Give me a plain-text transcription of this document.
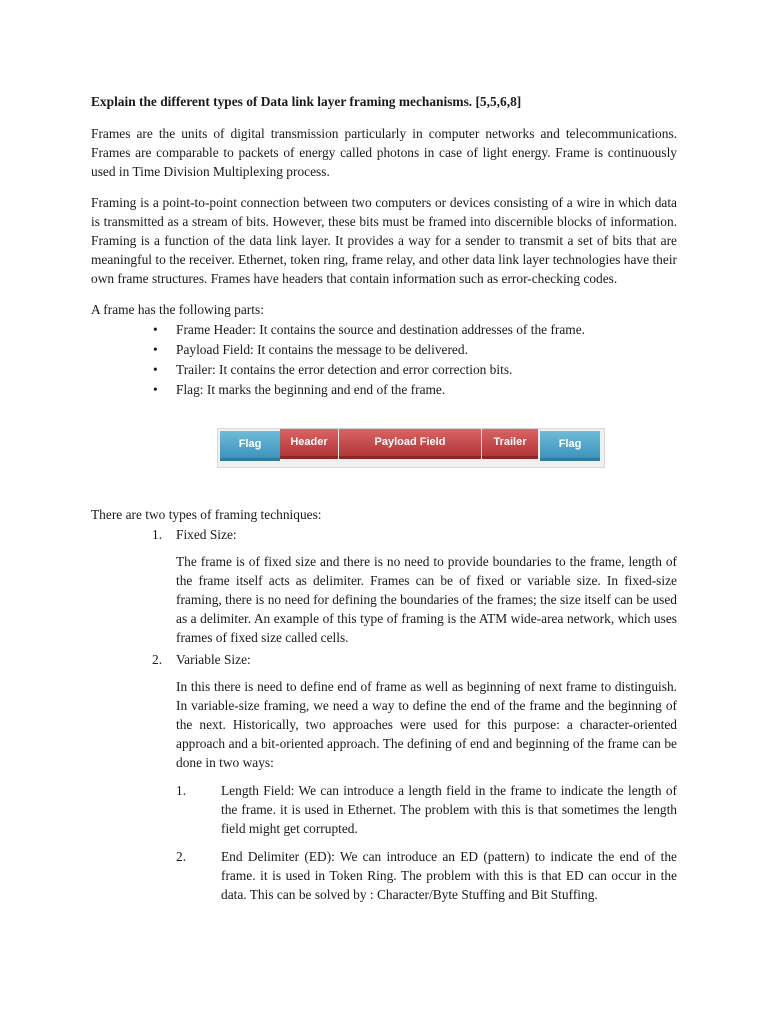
Explain the different types of Data link layer framing mechanisms. [5,5,6,8]

Frames are the units of digital transmission particularly in computer networks and telecommunications. Frames are comparable to packets of energy called photons in case of light energy. Frame is continuously used in Time Division Multiplexing process.

Framing is a point-to-point connection between two computers or devices consisting of a wire in which data is transmitted as a stream of bits. However, these bits must be framed into discernible blocks of information. Framing is a function of the data link layer. It provides a way for a sender to transmit a set of bits that are meaningful to the receiver. Ethernet, token ring, frame relay, and other data link layer technologies have their own frame structures. Frames have headers that contain information such as error-checking codes.

A frame has the following parts:

• Frame Header: It contains the source and destination addresses of the frame.
• Payload Field: It contains the message to be delivered.
• Trailer: It contains the error detection and error correction bits.
• Flag: It marks the beginning and end of the frame.
Flag	Header	Payload Field	Trailer	Flag

There are two types of framing techniques:

1. Fixed Size:
The frame is of fixed size and there is no need to provide boundaries to the frame, length of the frame itself acts as delimiter. Frames can be of fixed or variable size. In fixed-size framing, there is no need for defining the boundaries of the frames; the size itself can be used as a delimiter. An example of this type of framing is the ATM wide-area network, which uses frames of fixed size called cells.
2. Variable Size:
In this there is need to define end of frame as well as beginning of next frame to distinguish. In variable-size framing, we need a way to define the end of the frame and the beginning of the next. Historically, two approaches were used for this purpose: a character-oriented approach and a bit-oriented approach. The defining of end and beginning of the frame can be done in two ways:
1.	Length Field: We can introduce a length field in the frame to indicate the length of the frame. it is used in Ethernet. The problem with this is that sometimes the length field might get corrupted.
2.	End Delimiter (ED): We can introduce an ED (pattern) to indicate the end of the frame. it is used in Token Ring. The problem with this is that ED can occur in the data. This can be solved by : Character/Byte Stuffing and Bit Stuffing.
